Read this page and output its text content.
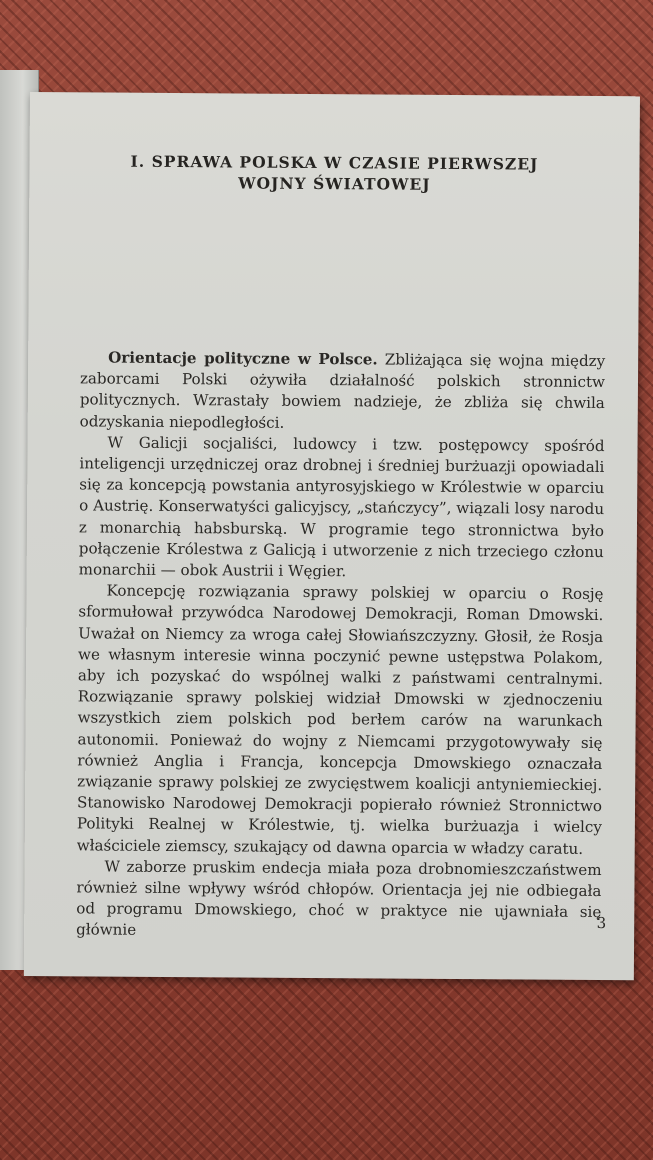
I. SPRAWA POLSKA W CZASIE PIERWSZEJ WOJNY ŚWIATOWEJ

Orientacje polityczne w Polsce. Zbliżająca się wojna między zaborcami Polski ożywiła działalność polskich stronnictw politycznych. Wzrastały bowiem nadzieje, że zbliża się chwila odzyskania niepodległości.

W Galicji socjaliści, ludowcy i tzw. postępowcy spośród inteligencji urzędniczej oraz drobnej i średniej burżuazji opowiadali się za koncepcją powstania antyrosyjskiego w Królestwie w oparciu o Austrię. Konserwatyści galicyjscy, „stańczycy”, wiązali losy narodu z monarchią habsburską. W programie tego stronnictwa było połączenie Królestwa z Galicją i utworzenie z nich trzeciego członu monarchii — obok Austrii i Węgier.

Koncepcję rozwiązania sprawy polskiej w oparciu o Rosję sformułował przywódca Narodowej Demokracji, Roman Dmowski. Uważał on Niemcy za wroga całej Słowiańszczyzny. Głosił, że Rosja we własnym interesie winna poczynić pewne ustępstwa Polakom, aby ich pozyskać do wspólnej walki z państwami centralnymi. Rozwiązanie sprawy polskiej widział Dmowski w zjednoczeniu wszystkich ziem polskich pod berłem carów na warunkach autonomii. Ponieważ do wojny z Niemcami przygotowywały się również Anglia i Francja, koncepcja Dmowskiego oznaczała związanie sprawy polskiej ze zwycięstwem koalicji antyniemieckiej. Stanowisko Narodowej Demokracji popierało również Stronnictwo Polityki Realnej w Królestwie, tj. wielka burżuazja i wielcy właściciele ziemscy, szukający od dawna oparcia w władzy caratu.

W zaborze pruskim endecja miała poza drobnomieszczaństwem również silne wpływy wśród chłopów. Orientacja jej nie odbiegała od programu Dmowskiego, choć w praktyce nie ujawniała się głównie	3
